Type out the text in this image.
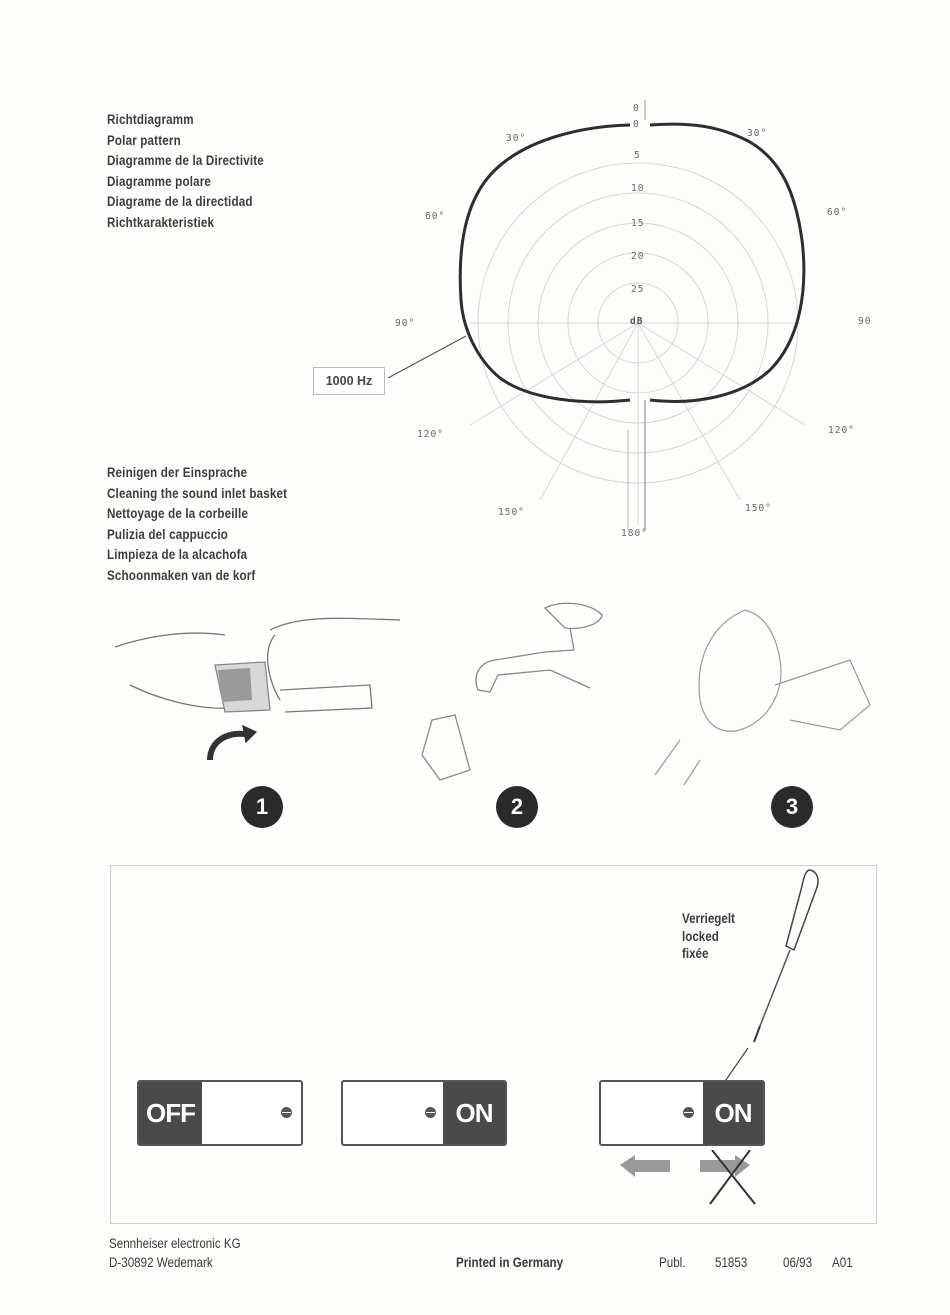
Richtdiagramm
Polar pattern
Diagramme de la Directivite
Diagramme polare
Diagrame de la directidad
Richtkarakteristiek
0
30°	30°
60°	60°
90°	90
120°	120°
150°	150°
180°
0
5
10
15
20
25
dB
1000 Hz
Reinigen der Einsprache
Cleaning the sound inlet basket
Nettoyage de la corbeille
Pulizia del cappuccio
Limpieza de la alcachofa
Schoonmaken van de korf
1	2	3
Verriegelt
locked
fixée
OFF	ON	ON
Sennheiser electronic KG
D-30892 Wedemark	Printed in Germany	Publ. 51853	06/93 A01
